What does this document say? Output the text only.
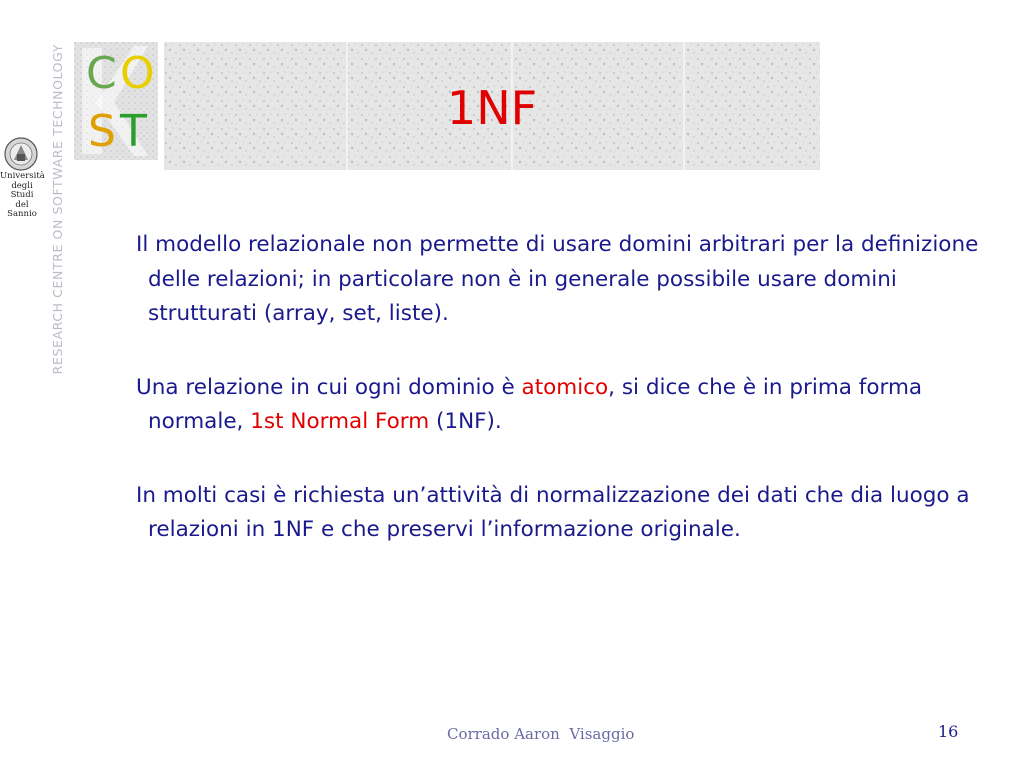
RESEARCH CENTRE ON SOFTWARE TECHNOLOGY
Università
degli Studi
del Sannio
C O
S T	1NF

Il modello relazionale non permette di usare domini arbitrari per la definizione delle relazioni; in particolare non è in generale possibile usare domini strutturati (array, set, liste).

Una relazione in cui ogni dominio è atomico, si dice che è in prima forma normale, 1st Normal Form (1NF).

In molti casi è richiesta un’attività di normalizzazione dei dati che dia luogo a relazioni in 1NF e che preservi l’informazione originale.

Corrado Aaron  Visaggio	16
